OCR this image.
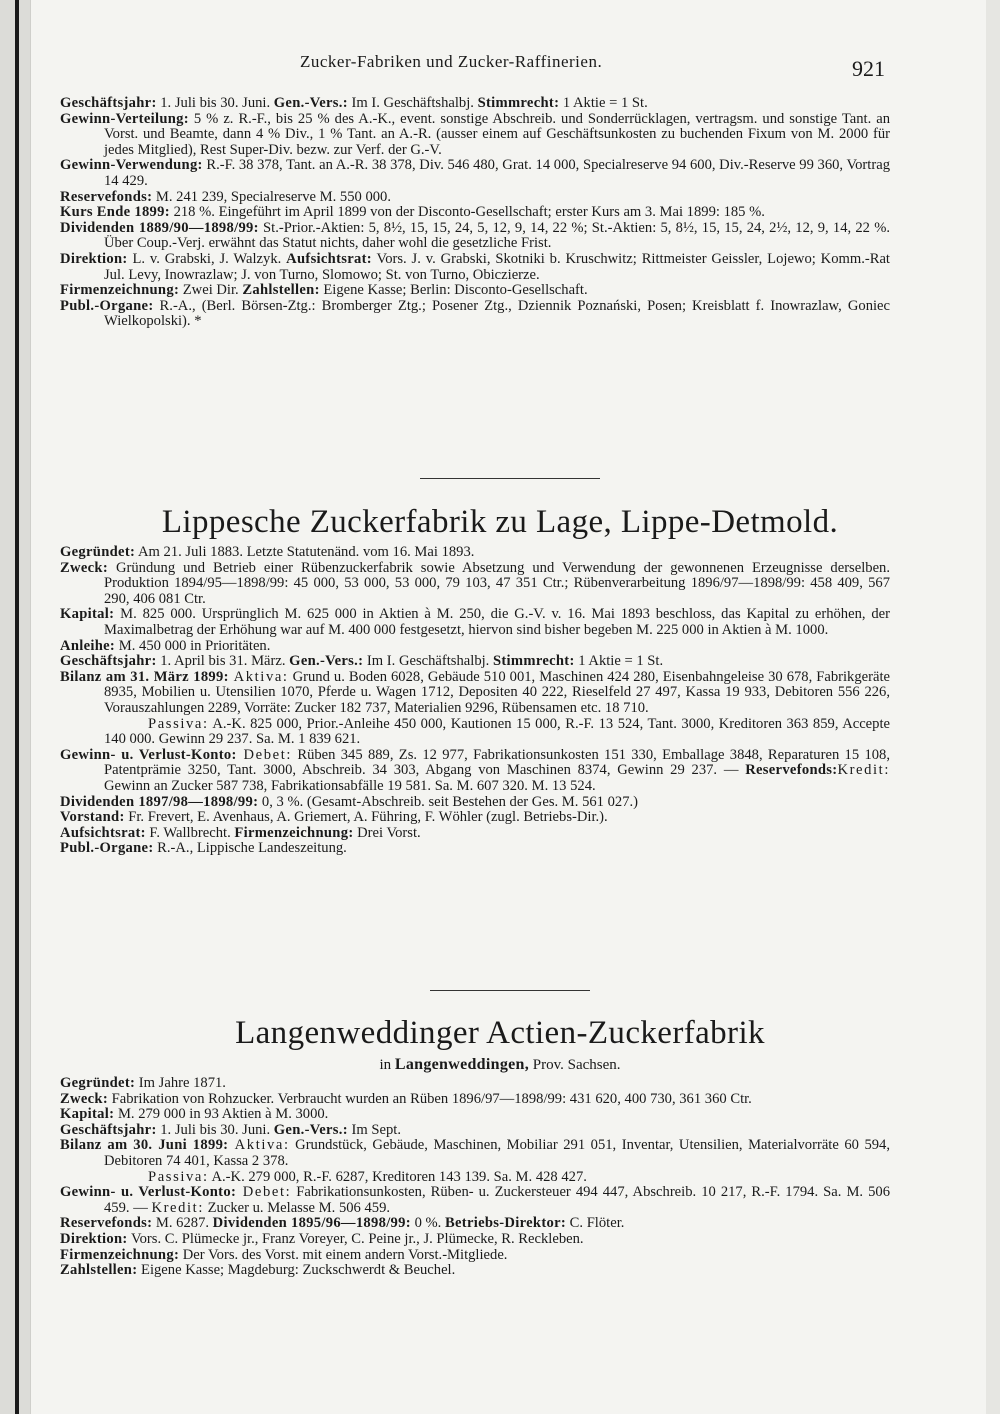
Zucker-Fabriken und Zucker-Raffinerien.	921

Geschäftsjahr: 1. Juli bis 30. Juni. Gen.-Vers.: Im I. Geschäftshalbj. Stimmrecht: 1 Aktie = 1 St.

Gewinn-Verteilung: 5 % z. R.-F., bis 25 % des A.-K., event. sonstige Abschreib. und Sonderrücklagen, vertragsm. und sonstige Tant. an Vorst. und Beamte, dann 4 % Div., 1 % Tant. an A.-R. (ausser einem auf Geschäftsunkosten zu buchenden Fixum von M. 2000 für jedes Mitglied), Rest Super-Div. bezw. zur Verf. der G.-V.

Gewinn-Verwendung: R.-F. 38 378, Tant. an A.-R. 38 378, Div. 546 480, Grat. 14 000, Specialreserve 94 600, Div.-Reserve 99 360, Vortrag 14 429.

Reservefonds: M. 241 239, Specialreserve M. 550 000.

Kurs Ende 1899: 218 %. Eingeführt im April 1899 von der Disconto-Gesellschaft; erster Kurs am 3. Mai 1899: 185 %.

Dividenden 1889/90—1898/99: St.-Prior.-Aktien: 5, 8½, 15, 15, 24, 5, 12, 9, 14, 22 %; St.-Aktien: 5, 8½, 15, 15, 24, 2½, 12, 9, 14, 22 %. Über Coup.-Verj. erwähnt das Statut nichts, daher wohl die gesetzliche Frist.

Direktion: L. v. Grabski, J. Walzyk. Aufsichtsrat: Vors. J. v. Grabski, Skotniki b. Kruschwitz; Rittmeister Geissler, Lojewo; Komm.-Rat Jul. Levy, Inowrazlaw; J. von Turno, Slomowo; St. von Turno, Obiczierze.

Firmenzeichnung: Zwei Dir. Zahlstellen: Eigene Kasse; Berlin: Disconto-Gesellschaft.

Publ.-Organe: R.-A., (Berl. Börsen-Ztg.: Bromberger Ztg.; Posener Ztg., Dziennik Poznański, Posen; Kreisblatt f. Inowrazlaw, Goniec Wielkopolski). *

Lippesche Zuckerfabrik zu Lage, Lippe-Detmold.

Gegründet: Am 21. Juli 1883. Letzte Statutenänd. vom 16. Mai 1893.

Zweck: Gründung und Betrieb einer Rübenzuckerfabrik sowie Absetzung und Verwendung der gewonnenen Erzeugnisse derselben. Produktion 1894/95—1898/99: 45 000, 53 000, 53 000, 79 103, 47 351 Ctr.; Rübenverarbeitung 1896/97—1898/99: 458 409, 567 290, 406 081 Ctr.

Kapital: M. 825 000. Ursprünglich M. 625 000 in Aktien à M. 250, die G.-V. v. 16. Mai 1893 beschloss, das Kapital zu erhöhen, der Maximalbetrag der Erhöhung war auf M. 400 000 festgesetzt, hiervon sind bisher begeben M. 225 000 in Aktien à M. 1000.

Anleihe: M. 450 000 in Prioritäten.

Geschäftsjahr: 1. April bis 31. März. Gen.-Vers.: Im I. Geschäftshalbj. Stimmrecht: 1 Aktie = 1 St.

Bilanz am 31. März 1899: Aktiva: Grund u. Boden 6028, Gebäude 510 001, Maschinen 424 280, Eisenbahngeleise 30 678, Fabrikgeräte 8935, Mobilien u. Utensilien 1070, Pferde u. Wagen 1712, Depositen 40 222, Rieselfeld 27 497, Kassa 19 933, Debitoren 556 226, Vorauszahlungen 2289, Vorräte: Zucker 182 737, Materialien 9296, Rübensamen etc. 18 710.

Passiva: A.-K. 825 000, Prior.-Anleihe 450 000, Kautionen 15 000, R.-F. 13 524, Tant. 3000, Kreditoren 363 859, Accepte 140 000. Gewinn 29 237. Sa. M. 1 839 621.

Gewinn- u. Verlust-Konto: Debet: Rüben 345 889, Zs. 12 977, Fabrikationsunkosten 151 330, Emballage 3848, Reparaturen 15 108, Patentprämie 3250, Tant. 3000, Abschreib. 34 303, Abgang von Maschinen 8374, Gewinn 29 237. — Reservefonds:Kredit: Gewinn an Zucker 587 738, Fabrikationsabfälle 19 581. Sa. M. 607 320. M. 13 524.

Dividenden 1897/98—1898/99: 0, 3 %. (Gesamt-Abschreib. seit Bestehen der Ges. M. 561 027.)

Vorstand: Fr. Frevert, E. Avenhaus, A. Griemert, A. Führing, F. Wöhler (zugl. Betriebs-Dir.).

Aufsichtsrat: F. Wallbrecht. Firmenzeichnung: Drei Vorst.

Publ.-Organe: R.-A., Lippische Landeszeitung.

Langenweddinger Actien-Zuckerfabrik
in Langenweddingen, Prov. Sachsen.

Gegründet: Im Jahre 1871.

Zweck: Fabrikation von Rohzucker. Verbraucht wurden an Rüben 1896/97—1898/99: 431 620, 400 730, 361 360 Ctr.

Kapital: M. 279 000 in 93 Aktien à M. 3000.

Geschäftsjahr: 1. Juli bis 30. Juni. Gen.-Vers.: Im Sept.

Bilanz am 30. Juni 1899: Aktiva: Grundstück, Gebäude, Maschinen, Mobiliar 291 051, Inventar, Utensilien, Materialvorräte 60 594, Debitoren 74 401, Kassa 2 378.

Passiva: A.-K. 279 000, R.-F. 6287, Kreditoren 143 139. Sa. M. 428 427.

Gewinn- u. Verlust-Konto: Debet: Fabrikationsunkosten, Rüben- u. Zuckersteuer 494 447, Abschreib. 10 217, R.-F. 1794. Sa. M. 506 459. — Kredit: Zucker u. Melasse M. 506 459.

Reservefonds: M. 6287. Dividenden 1895/96—1898/99: 0 %. Betriebs-Direktor: C. Flöter.

Direktion: Vors. C. Plümecke jr., Franz Voreyer, C. Peine jr., J. Plümecke, R. Reckleben.

Firmenzeichnung: Der Vors. des Vorst. mit einem andern Vorst.-Mitgliede.

Zahlstellen: Eigene Kasse; Magdeburg: Zuckschwerdt & Beuchel.
